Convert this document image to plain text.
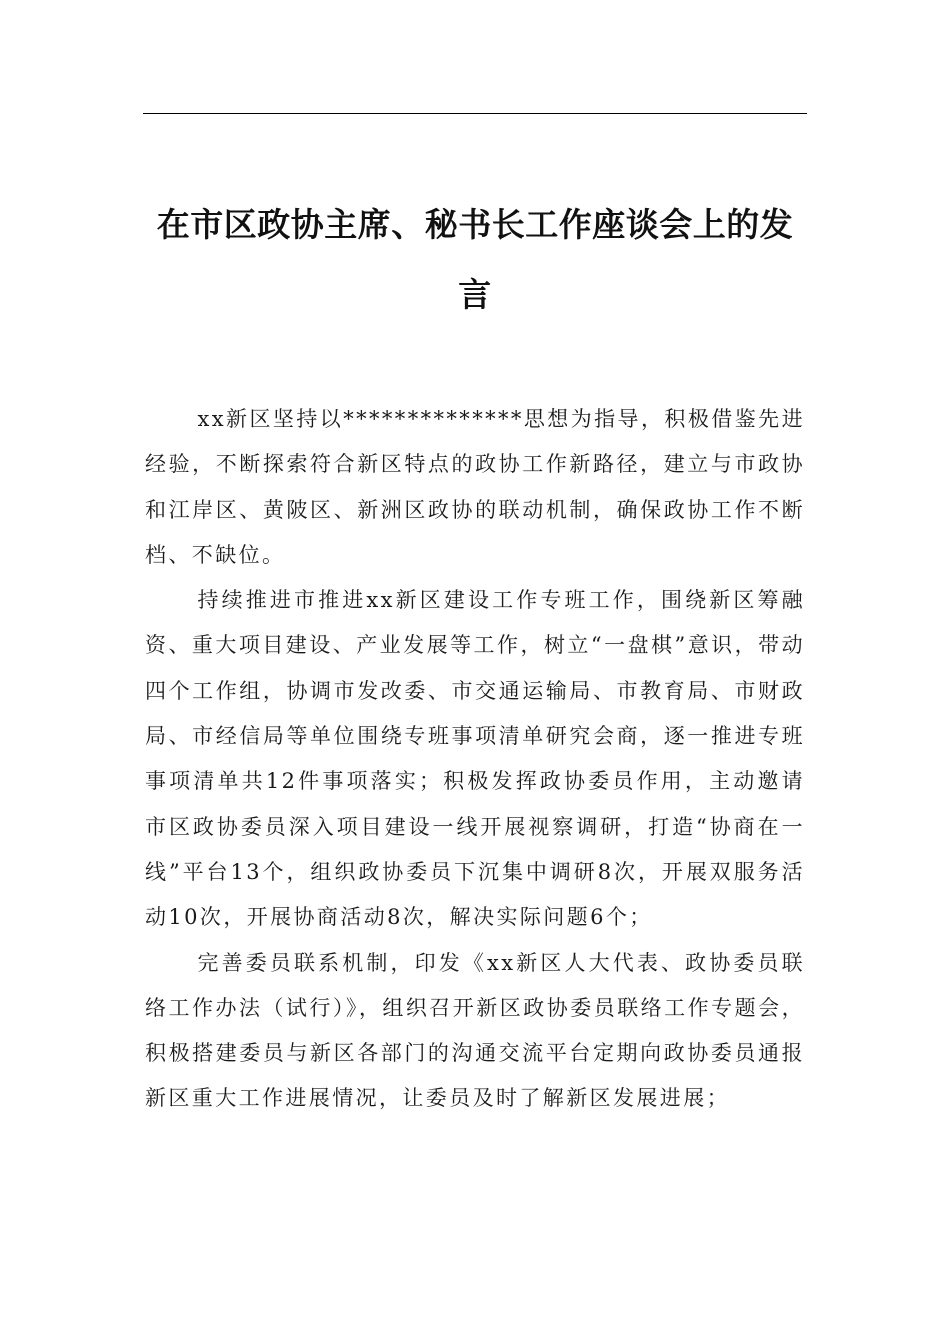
在市区政协主席、秘书长工作座谈会上的发言

xx新区坚持以**************思想为指导，积极借鉴先进经验，不断探索符合新区特点的政协工作新路径，建立与市政协和江岸区、黄陂区、新洲区政协的联动机制，确保政协工作不断档、不缺位。

持续推进市推进xx新区建设工作专班工作，围绕新区筹融资、重大项目建设、产业发展等工作，树立“一盘棋”意识，带动四个工作组，协调市发改委、市交通运输局、市教育局、市财政局、市经信局等单位围绕专班事项清单研究会商，逐一推进专班事项清单共12件事项落实；积极发挥政协委员作用，主动邀请市区政协委员深入项目建设一线开展视察调研，打造“协商在一线”平台13个，组织政协委员下沉集中调研8次，开展双服务活动10次，开展协商活动8次，解决实际问题6个；

完善委员联系机制，印发《xx新区人大代表、政协委员联络工作办法（试行）》，组织召开新区政协委员联络工作专题会，积极搭建委员与新区各部门的沟通交流平台定期向政协委员通报新区重大工作进展情况，让委员及时了解新区发展进展；
